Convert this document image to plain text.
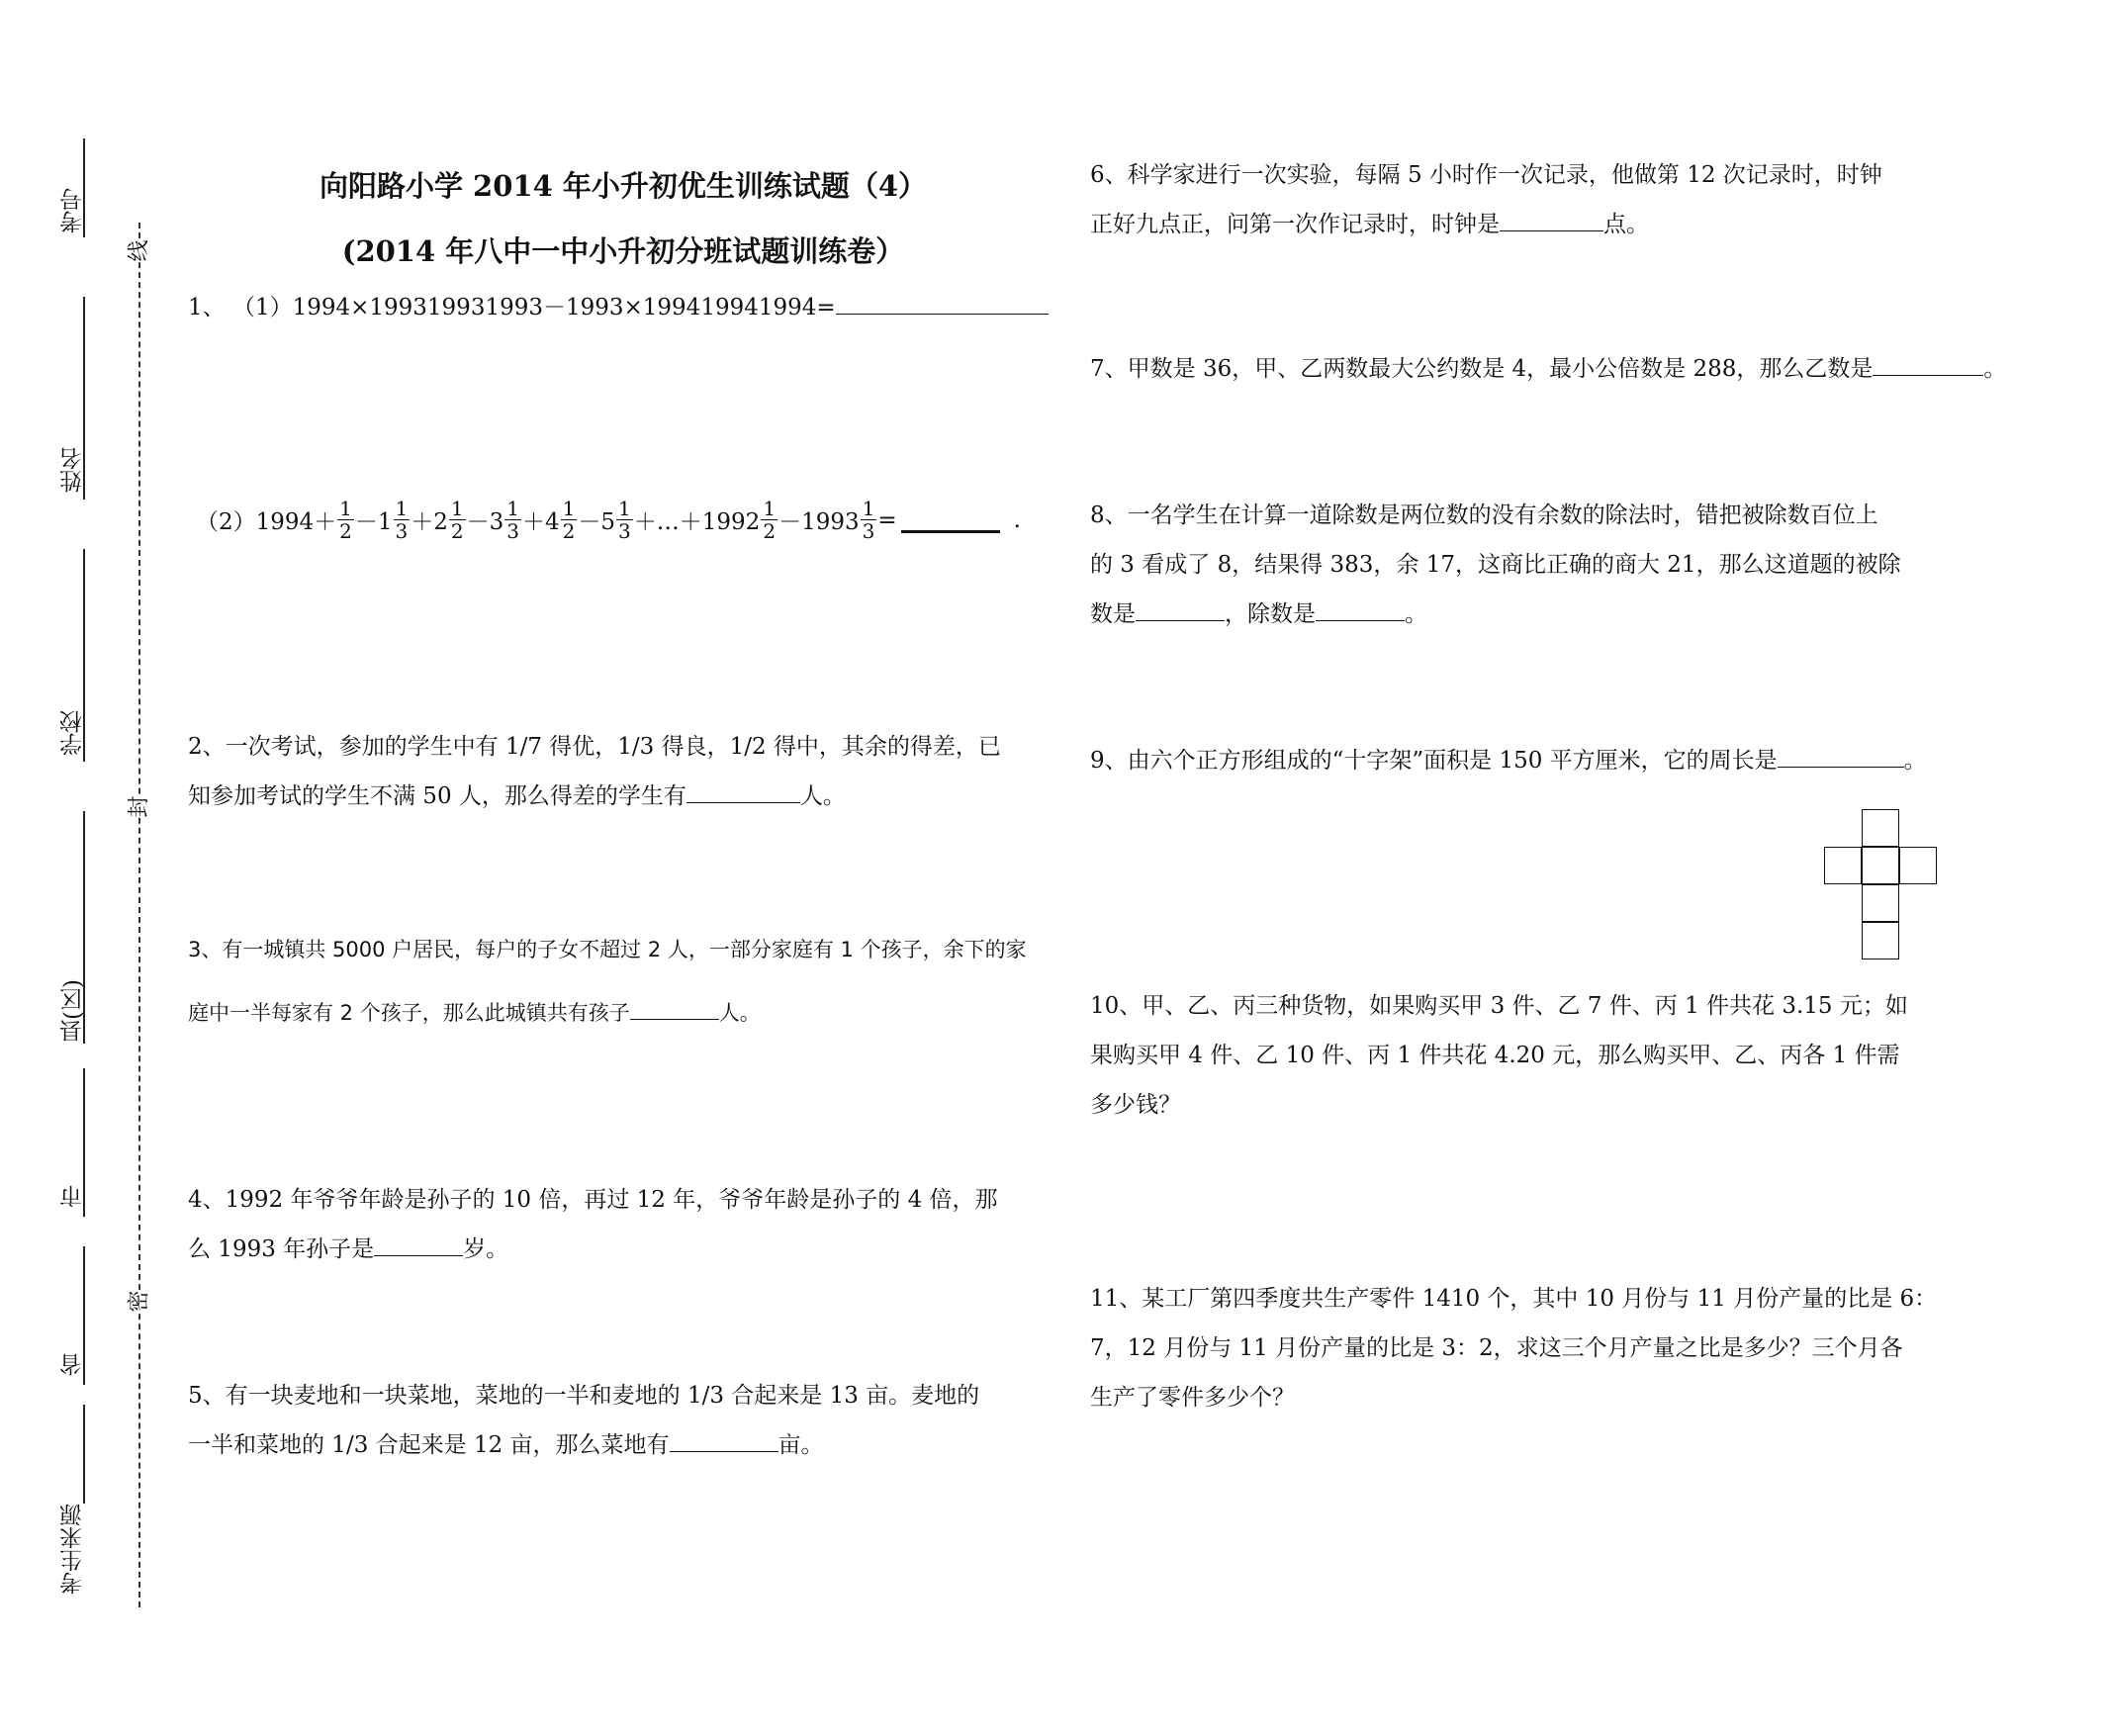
考号
姓名
学校
县(区)
市
省
考生来源
线
封
密
向阳路小学 2014 年小升初优生训练试题（4）
(2014 年八中一中小升初分班试题训练卷）
1、 （1）1994×199319931993－1993×199419941994=
$(2)1994+ \frac{1}{2} -1 \frac{1}{3} +2 \frac{1}{2} -3 \frac{1}{3} +4 \frac{1}{2} -5 \frac{1}{3}$ ＋…＋1992 $\frac{1}{2} -1993 \frac{1}{3}$ =	.
2、一次考试，参加的学生中有 1/7 得优，1/3 得良，1/2 得中，其余的得差，已
知参加考试的学生不满 50 人，那么得差的学生有	人。
3、有一城镇共 5000 户居民，每户的子女不超过 2 人，一部分家庭有 1 个孩子，余下的家
庭中一半每家有 2 个孩子，那么此城镇共有孩子	人。
4、1992 年爷爷年龄是孙子的 10 倍，再过 12 年，爷爷年龄是孙子的 4 倍，那
么 1993 年孙子是	岁。
5、有一块麦地和一块菜地，菜地的一半和麦地的 1/3 合起来是 13 亩。麦地的
一半和菜地的 1/3 合起来是 12 亩，那么菜地有	亩。
6、科学家进行一次实验，每隔 5 小时作一次记录，他做第 12 次记录时，时钟
正好九点正，问第一次作记录时，时钟是	点。
7、甲数是 36，甲、乙两数最大公约数是 4，最小公倍数是 288，那么乙数是	。
8、一名学生在计算一道除数是两位数的没有余数的除法时，错把被除数百位上
的 3 看成了 8，结果得 383，余 17，这商比正确的商大 21，那么这道题的被除
数是	，除数是	。
9、由六个正方形组成的“十字架”面积是 150 平方厘米，它的周长是	。
10、甲、乙、丙三种货物，如果购买甲 3 件、乙 7 件、丙 1 件共花 3.15 元；如
果购买甲 4 件、乙 10 件、丙 1 件共花 4.20 元，那么购买甲、乙、丙各 1 件需
多少钱？
11、某工厂第四季度共生产零件 1410 个，其中 10 月份与 11 月份产量的比是 6：
7，12 月份与 11 月份产量的比是 3：2，求这三个月产量之比是多少？三个月各
生产了零件多少个？
